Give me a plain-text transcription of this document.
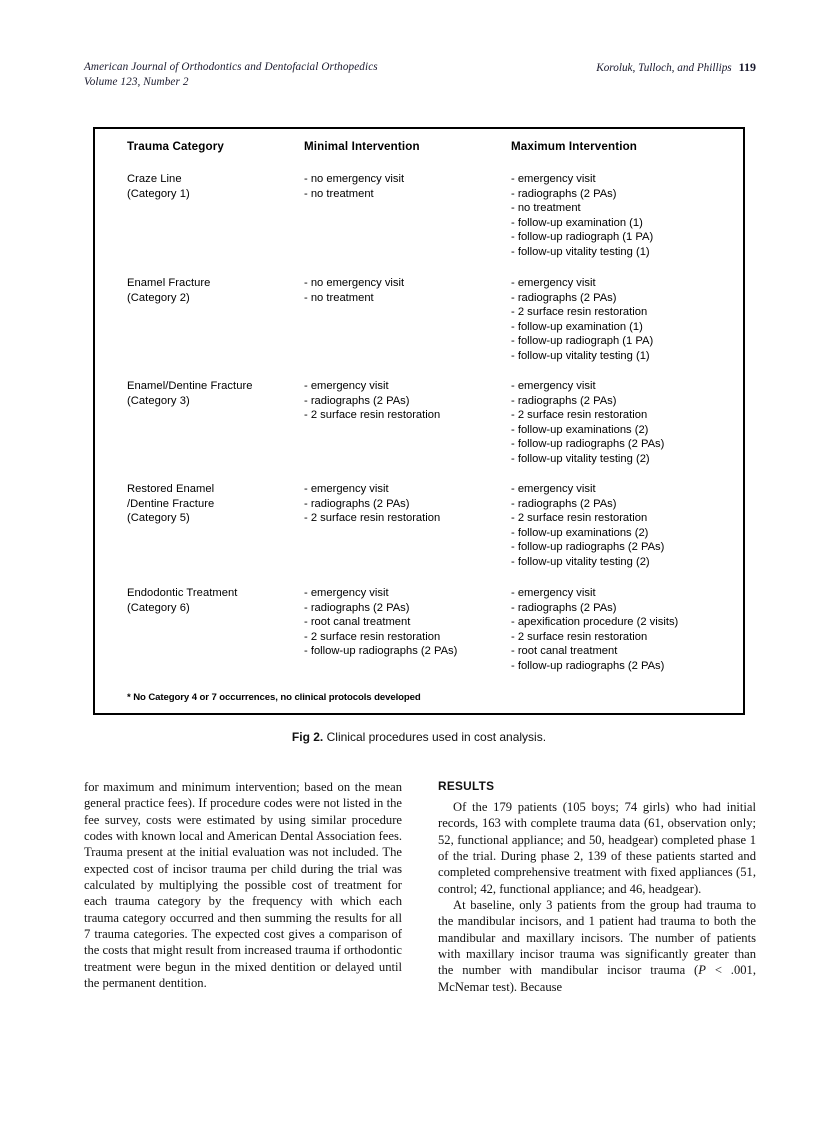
American Journal of Orthodontics and Dentofacial Orthopedics
Volume 123, Number 2
Koroluk, Tulloch, and Phillips 119
Trauma Category	Minimal Intervention	Maximum Intervention
Craze Line
(Category 1)
- no emergency visit
- no treatment
- emergency visit
- radiographs (2 PAs)
- no treatment
- follow-up examination (1)
- follow-up radiograph (1 PA)
- follow-up vitality testing (1)
Enamel Fracture
(Category 2)
- no emergency visit
- no treatment
- emergency visit
- radiographs (2 PAs)
- 2 surface resin restoration
- follow-up examination (1)
- follow-up radiograph (1 PA)
- follow-up vitality testing (1)
Enamel/Dentine Fracture
(Category 3)
- emergency visit
- radiographs (2 PAs)
- 2 surface resin restoration
- emergency visit
- radiographs (2 PAs)
- 2 surface resin restoration
- follow-up examinations (2)
- follow-up radiographs (2 PAs)
- follow-up vitality testing (2)
Restored Enamel
/Dentine Fracture
(Category 5)
- emergency visit
- radiographs (2 PAs)
- 2 surface resin restoration
- emergency visit
- radiographs (2 PAs)
- 2 surface resin restoration
- follow-up examinations (2)
- follow-up radiographs (2 PAs)
- follow-up vitality testing (2)
Endodontic Treatment
(Category 6)
- emergency visit
- radiographs (2 PAs)
- root canal treatment
- 2 surface resin restoration
- follow-up radiographs (2 PAs)
- emergency visit
- radiographs (2 PAs)
- apexification procedure (2 visits)
- 2 surface resin restoration
- root canal treatment
- follow-up radiographs (2 PAs)
* No Category 4 or 7 occurrences, no clinical protocols developed
Fig 2. Clinical procedures used in cost analysis.

for maximum and minimum intervention; based on the mean general practice fees). If procedure codes were not listed in the fee survey, costs were estimated by using similar procedure codes with known local and American Dental Association fees. Trauma present at the initial evaluation was not included. The expected cost of incisor trauma per child during the trial was calculated by multiplying the possible cost of treatment for each trauma category by the frequency with which each trauma category occurred and then summing the results for all 7 trauma categories. The expected cost gives a comparison of the costs that might result from increased trauma if orthodontic treatment were begun in the mixed dentition or delayed until the permanent dentition.

RESULTS

Of the 179 patients (105 boys; 74 girls) who had initial records, 163 with complete trauma data (61, observation only; 52, functional appliance; and 50, headgear) completed phase 1 of the trial. During phase 2, 139 of these patients started and completed comprehensive treatment with fixed appliances (51, control; 42, functional appliance; and 46, headgear).

At baseline, only 3 patients from the group had trauma to the mandibular incisors, and 1 patient had trauma to both the mandibular and maxillary incisors. The number of patients with maxillary incisor trauma was significantly greater than the number with mandibular incisor trauma (P < .001, McNemar test). Because
